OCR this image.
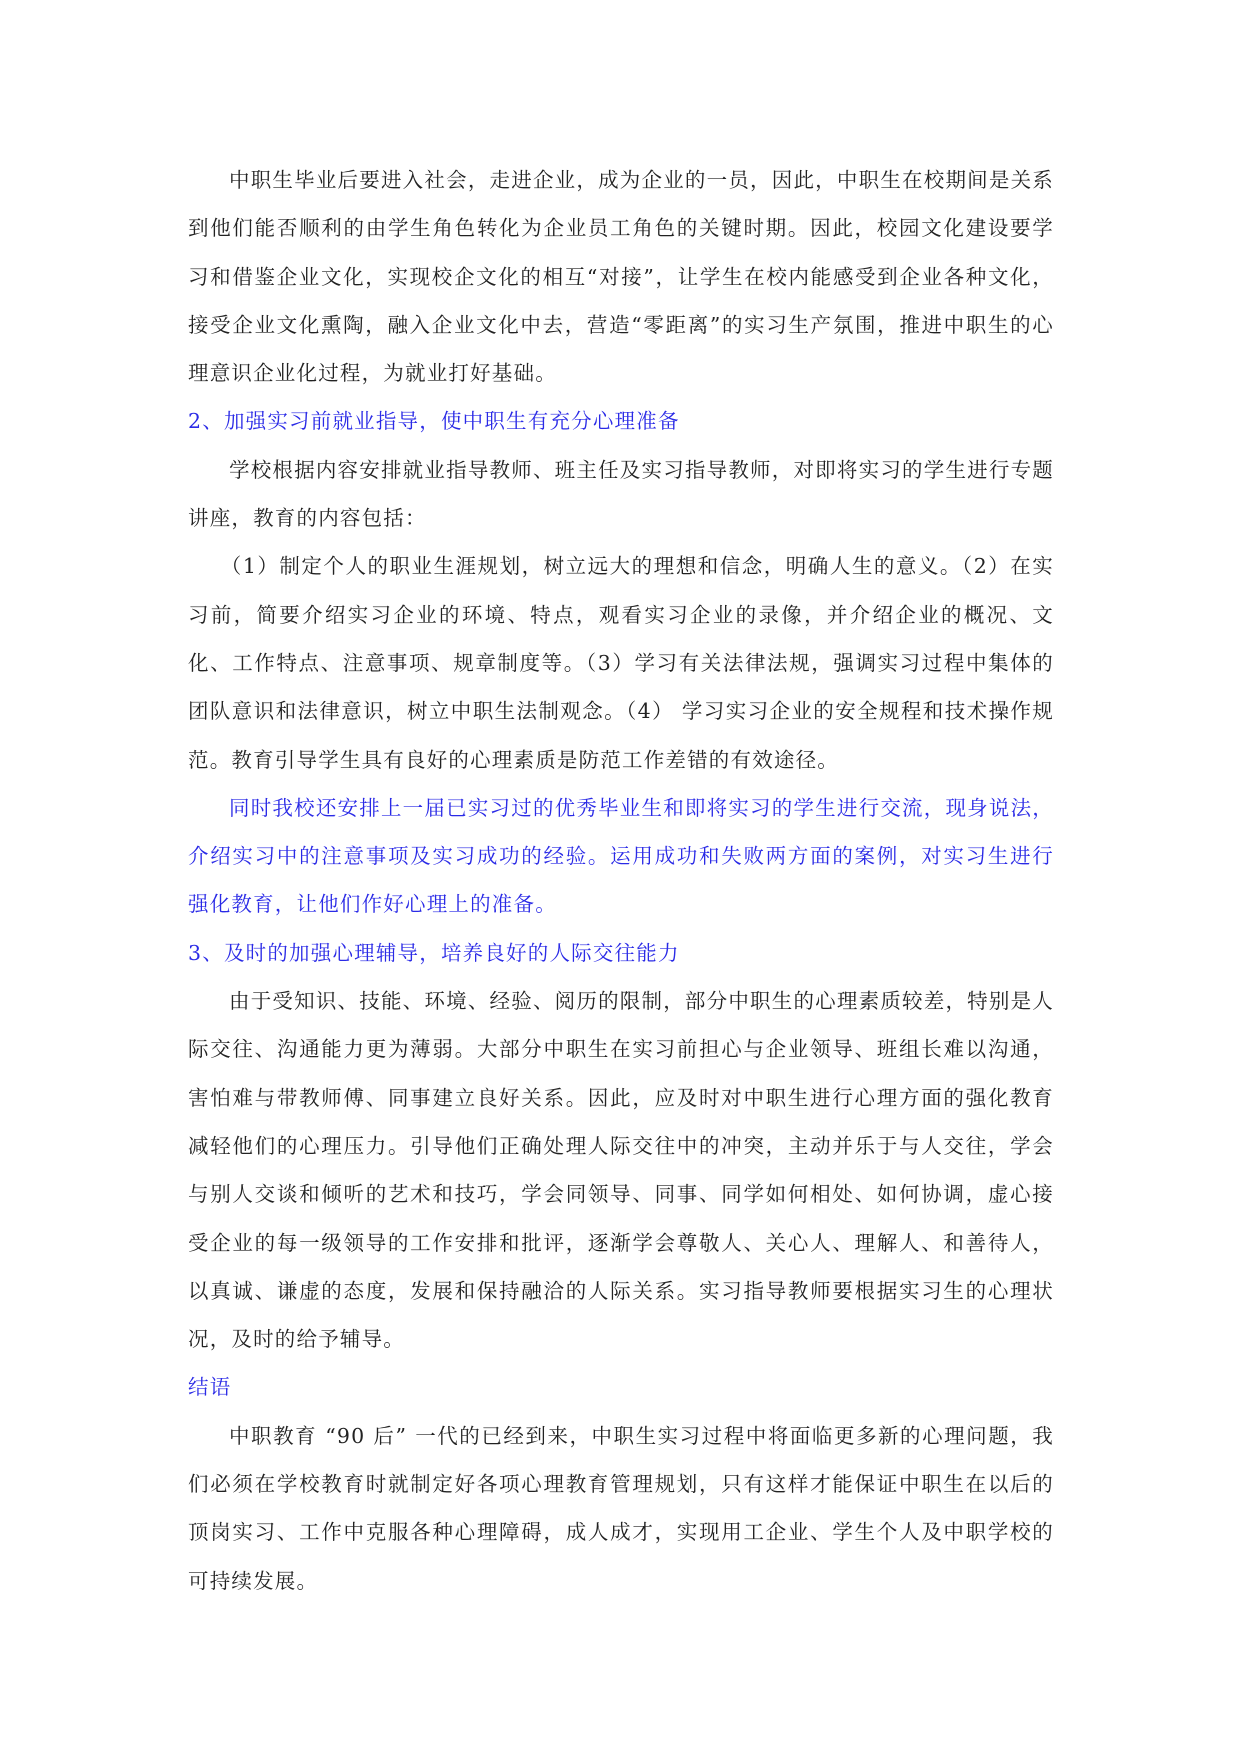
中职生毕业后要进入社会，走进企业，成为企业的一员，因此，中职生在校期间是关系到他们能否顺利的由学生角色转化为企业员工角色的关键时期。因此，校园文化建设要学习和借鉴企业文化，实现校企文化的相互“对接”，让学生在校内能感受到企业各种文化，接受企业文化熏陶，融入企业文化中去，营造“零距离”的实习生产氛围，推进中职生的心理意识企业化过程，为就业打好基础。

2、加强实习前就业指导，使中职生有充分心理准备

学校根据内容安排就业指导教师、班主任及实习指导教师，对即将实习的学生进行专题讲座，教育的内容包括：

（1）制定个人的职业生涯规划，树立远大的理想和信念，明确人生的意义。（2）在实习前，简要介绍实习企业的环境、特点，观看实习企业的录像，并介绍企业的概况、文化、工作特点、注意事项、规章制度等。（3）学习有关法律法规，强调实习过程中集体的团队意识和法律意识，树立中职生法制观念。（4） 学习实习企业的安全规程和技术操作规范。教育引导学生具有良好的心理素质是防范工作差错的有效途径。

同时我校还安排上一届已实习过的优秀毕业生和即将实习的学生进行交流，现身说法，介绍实习中的注意事项及实习成功的经验。运用成功和失败两方面的案例，对实习生进行强化教育，让他们作好心理上的准备。

3、及时的加强心理辅导，培养良好的人际交往能力

由于受知识、技能、环境、经验、阅历的限制，部分中职生的心理素质较差，特别是人际交往、沟通能力更为薄弱。大部分中职生在实习前担心与企业领导、班组长难以沟通，害怕难与带教师傅、同事建立良好关系。因此，应及时对中职生进行心理方面的强化教育减轻他们的心理压力。引导他们正确处理人际交往中的冲突，主动并乐于与人交往，学会与别人交谈和倾听的艺术和技巧，学会同领导、同事、同学如何相处、如何协调，虚心接受企业的每一级领导的工作安排和批评，逐渐学会尊敬人、关心人、理解人、和善待人，以真诚、谦虚的态度，发展和保持融洽的人际关系。实习指导教师要根据实习生的心理状况，及时的给予辅导。

结语

中职教育 “90 后” 一代的已经到来，中职生实习过程中将面临更多新的心理问题，我们必须在学校教育时就制定好各项心理教育管理规划，只有这样才能保证中职生在以后的顶岗实习、工作中克服各种心理障碍，成人成才，实现用工企业、学生个人及中职学校的可持续发展。
